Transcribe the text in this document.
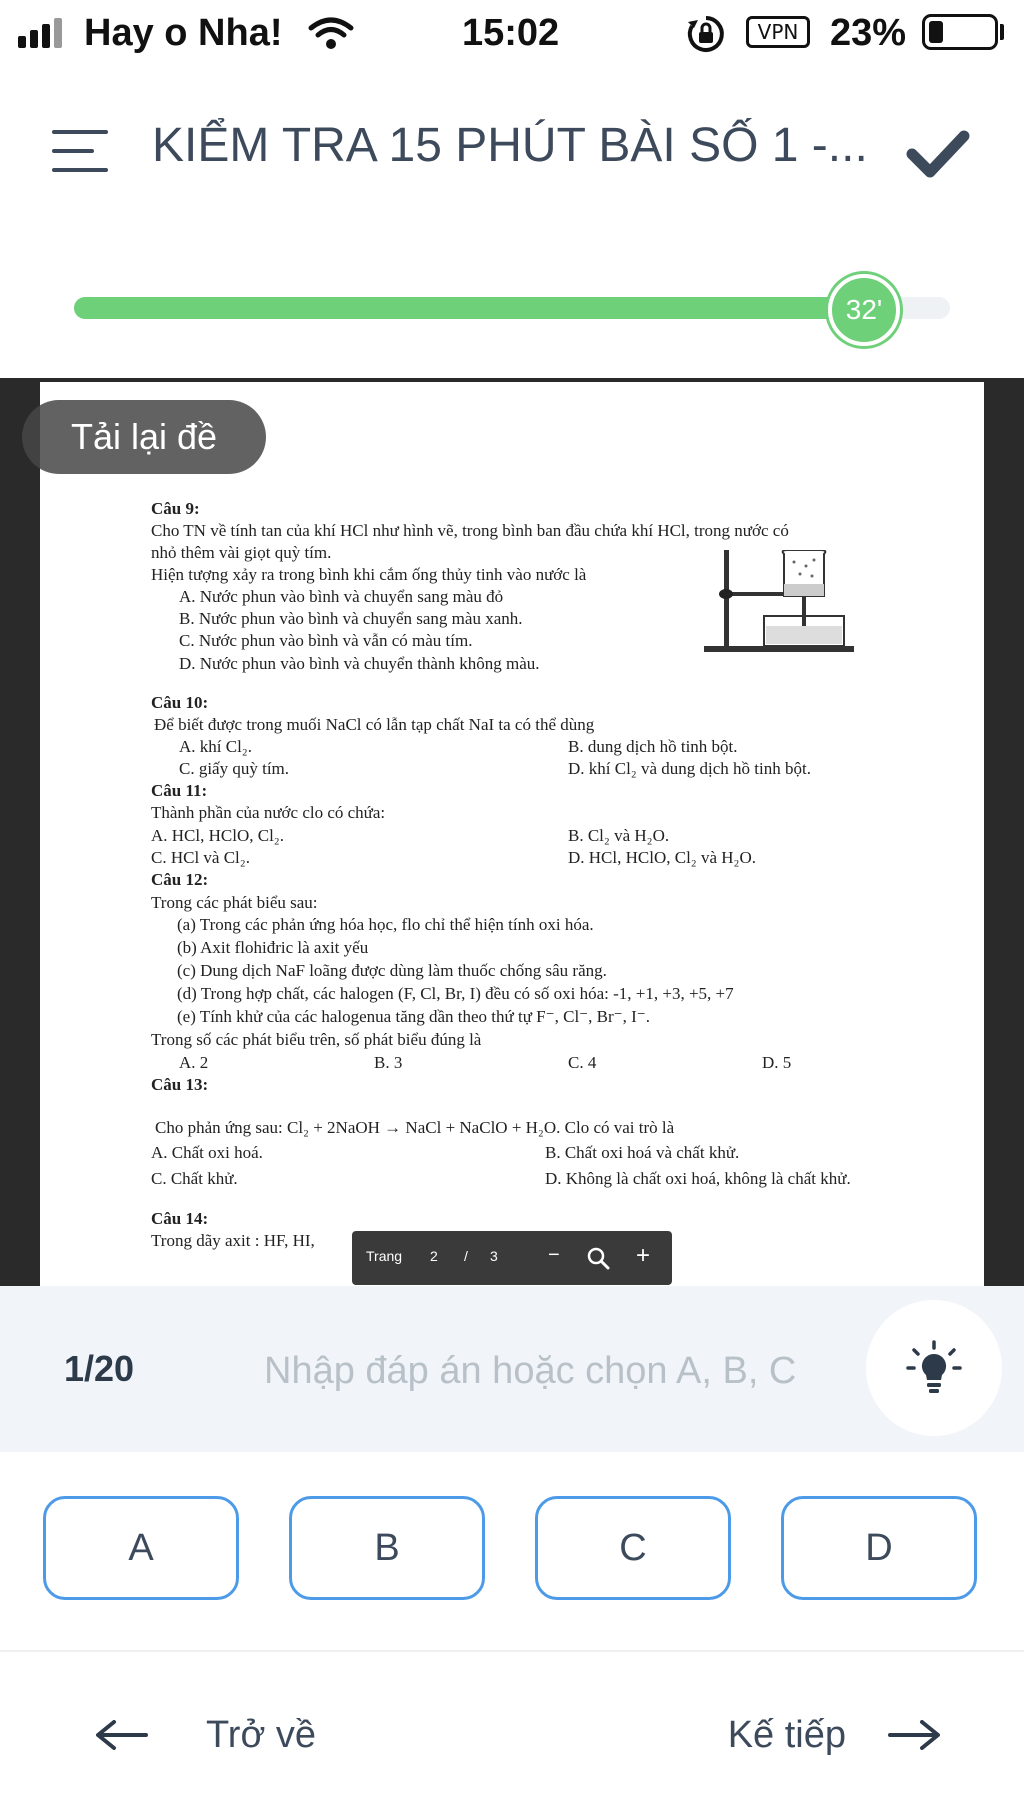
Hay o Nha!	15:02	VPN 23%
KIỂM TRA 15 PHÚT BÀI SỐ 1 -...
32'
Câu 9:
Cho TN về tính tan của khí HCl như hình vẽ, trong bình ban đầu chứa khí HCl, trong nước có
nhỏ thêm vài giọt quỳ tím.
Hiện tượng xảy ra trong bình khi cắm ống thủy tinh vào nước là
A. Nước phun vào bình và chuyển sang màu đỏ
B. Nước phun vào bình và chuyển sang màu xanh.
C. Nước phun vào bình và vẫn có màu tím.
D. Nước phun vào bình và chuyển thành không màu.
Câu 10:
Để biết được trong muối NaCl có lẫn tạp chất NaI ta có thể dùng
A. khí Cl₂.	B. dung dịch hồ tinh bột.
C. giấy quỳ tím.	D. khí Cl₂ và dung dịch hồ tinh bột.
Câu 11:
Thành phần của nước clo có chứa:
A. HCl, HClO, Cl₂.	B. Cl₂ và H₂O.
C. HCl và Cl₂.	D. HCl, HClO, Cl₂ và H₂O.
Câu 12:
Trong các phát biểu sau:
(a) Trong các phản ứng hóa học, flo chỉ thể hiện tính oxi hóa.
(b) Axit flohiđric là axit yếu
(c) Dung dịch NaF loãng được dùng làm thuốc chống sâu răng.
(d) Trong hợp chất, các halogen (F, Cl, Br, I) đều có số oxi hóa: -1, +1, +3, +5, +7
(e) Tính khử của các halogenua tăng dần theo thứ tự F⁻, Cl⁻, Br⁻, I⁻.
Trong số các phát biểu trên, số phát biểu đúng là
A. 2	B. 3	C. 4	D. 5
Câu 13:
Cho phản ứng sau: Cl₂ + 2NaOH → NaCl + NaClO + H₂O. Clo có vai trò là
A. Chất oxi hoá.	B. Chất oxi hoá và chất khử.
C. Chất khử.	D. Không là chất oxi hoá, không là chất khử.
Câu 14:
Trong dãy axit : HF, HI,
Tải lại đề
Trang 2 / 3	−	+
1/20
Nhập đáp án hoặc chọn A, B, C
A	B	C	D
Trở về	Kế tiếp
